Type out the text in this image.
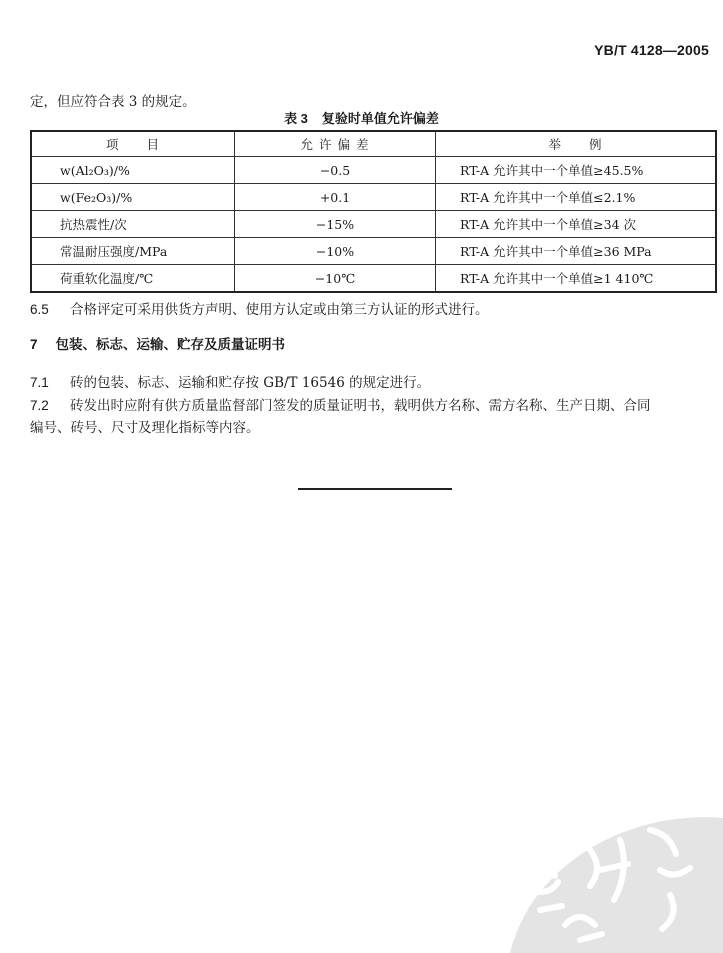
YB/T 4128—2005
定，但应符合表 3 的规定。
表 3 复验时单值允许偏差
项　　目	允 许 偏 差	举　　例
w(Al₂O₃)/%	−0.5	RT-A 允许其中一个单值≥45.5%
w(Fe₂O₃)/%	+0.1	RT-A 允许其中一个单值≤2.1%
抗热震性/次	−15%	RT-A 允许其中一个单值≥34 次
常温耐压强度/MPa	−10%	RT-A 允许其中一个单值≥36 MPa
荷重软化温度/℃	−10℃	RT-A 允许其中一个单值≥1 410℃
6.5 合格评定可采用供货方声明、使用方认定或由第三方认证的形式进行。
7 包装、标志、运输、贮存及质量证明书
7.1 砖的包装、标志、运输和贮存按 GB/T 16546 的规定进行。
7.2 砖发出时应附有供方质量监督部门签发的质量证明书，载明供方名称、需方名称、生产日期、合同
编号、砖号、尺寸及理化指标等内容。
